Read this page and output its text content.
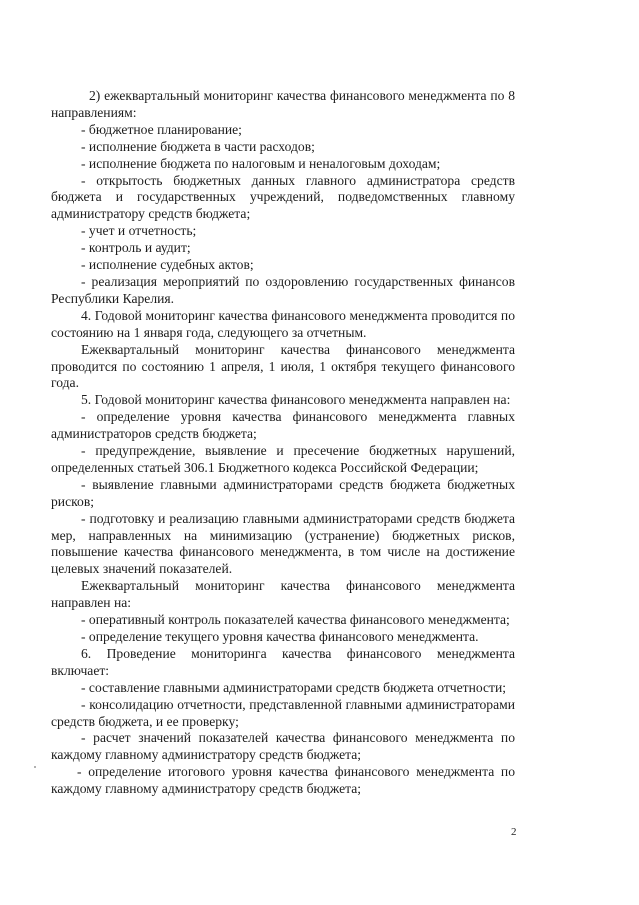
2) ежеквартальный мониторинг качества финансового менеджмента по 8 направлениям:

- бюджетное планирование;

- исполнение бюджета в части расходов;

- исполнение бюджета по налоговым и неналоговым доходам;

- открытость бюджетных данных главного администратора средств бюджета и государственных учреждений, подведомственных главному администратору средств бюджета;

- учет и отчетность;

- контроль и аудит;

- исполнение судебных актов;

- реализация мероприятий по оздоровлению государственных финансов Республики Карелия.

4. Годовой мониторинг качества финансового менеджмента проводится по состоянию на 1 января года, следующего за отчетным.

Ежеквартальный мониторинг качества финансового менеджмента проводится по состоянию 1 апреля, 1 июля, 1 октября текущего финансового года.

5. Годовой мониторинг качества финансового менеджмента направлен на:

- определение уровня качества финансового менеджмента главных администраторов средств бюджета;

- предупреждение, выявление и пресечение бюджетных нарушений, определенных статьей 306.1 Бюджетного кодекса Российской Федерации;

- выявление главными администраторами средств бюджета бюджетных рисков;

- подготовку и реализацию главными администраторами средств бюджета мер, направленных на минимизацию (устранение) бюджетных рисков, повышение качества финансового менеджмента, в том числе на достижение целевых значений показателей.

Ежеквартальный мониторинг качества финансового менеджмента направлен на:

- оперативный контроль показателей качества финансового менеджмента;

- определение текущего уровня качества финансового менеджмента.

6. Проведение мониторинга качества финансового менеджмента включает:

- составление главными администраторами средств бюджета отчетности;

- консолидацию отчетности, представленной главными администраторами средств бюджета, и ее проверку;

- расчет значений показателей качества финансового менеджмента по каждому главному администратору средств бюджета;

- определение итогового уровня качества финансового менеджмента по каждому главному администратору средств бюджета;

2
